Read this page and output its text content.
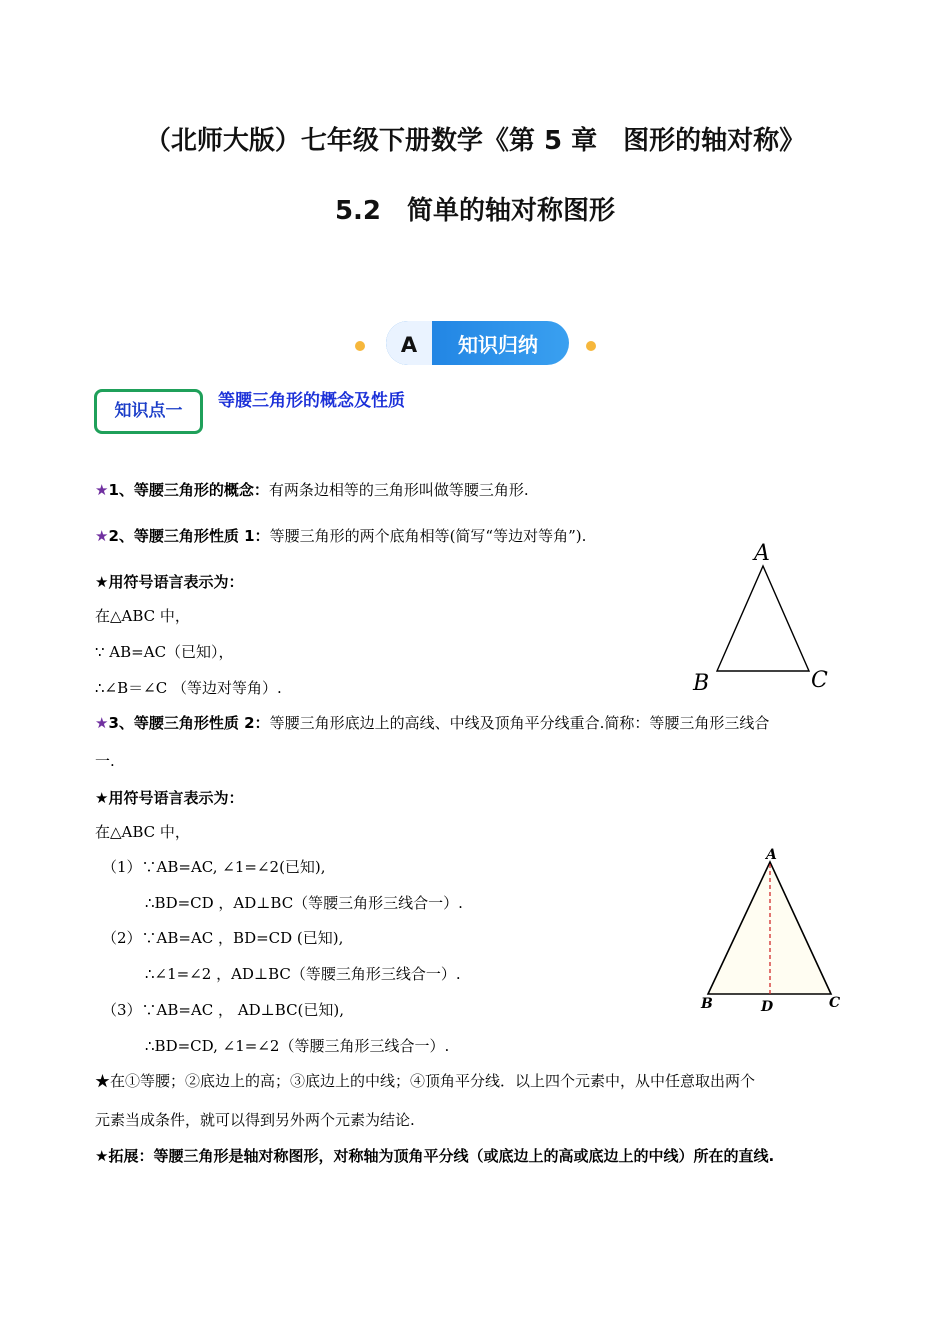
（北师大版）七年级下册数学《第 5 章　图形的轴对称》
5.2　简单的轴对称图形
A 知识归纳
知识点一	等腰三角形的概念及性质
★1、等腰三角形的概念：有两条边相等的三角形叫做等腰三角形.
★2、等腰三角形性质 1：等腰三角形的两个底角相等(简写“等边对等角”).
★用符号语言表示为：
在△ABC 中，
∵ AB=AC（已知），
∴∠B＝∠C （等边对等角）.
A
B	C
★3、等腰三角形性质 2：等腰三角形底边上的高线、中线及顶角平分线重合.简称：等腰三角形三线合
一.
★用符号语言表示为：
在△ABC 中，
（1）∵AB=AC, ∠1=∠2(已知),
∴BD=CD ，AD⊥BC（等腰三角形三线合一）.
（2）∵AB=AC ，BD=CD (已知),
∴∠1=∠2 ，AD⊥BC（等腰三角形三线合一）.
（3）∵AB=AC ， AD⊥BC(已知),
∴BD=CD, ∠1=∠2（等腰三角形三线合一）.
A
B	C
D
★在①等腰；②底边上的高；③底边上的中线；④顶角平分线．以上四个元素中，从中任意取出两个
元素当成条件，就可以得到另外两个元素为结论.
★拓展：等腰三角形是轴对称图形，对称轴为顶角平分线（或底边上的高或底边上的中线）所在的直线.
